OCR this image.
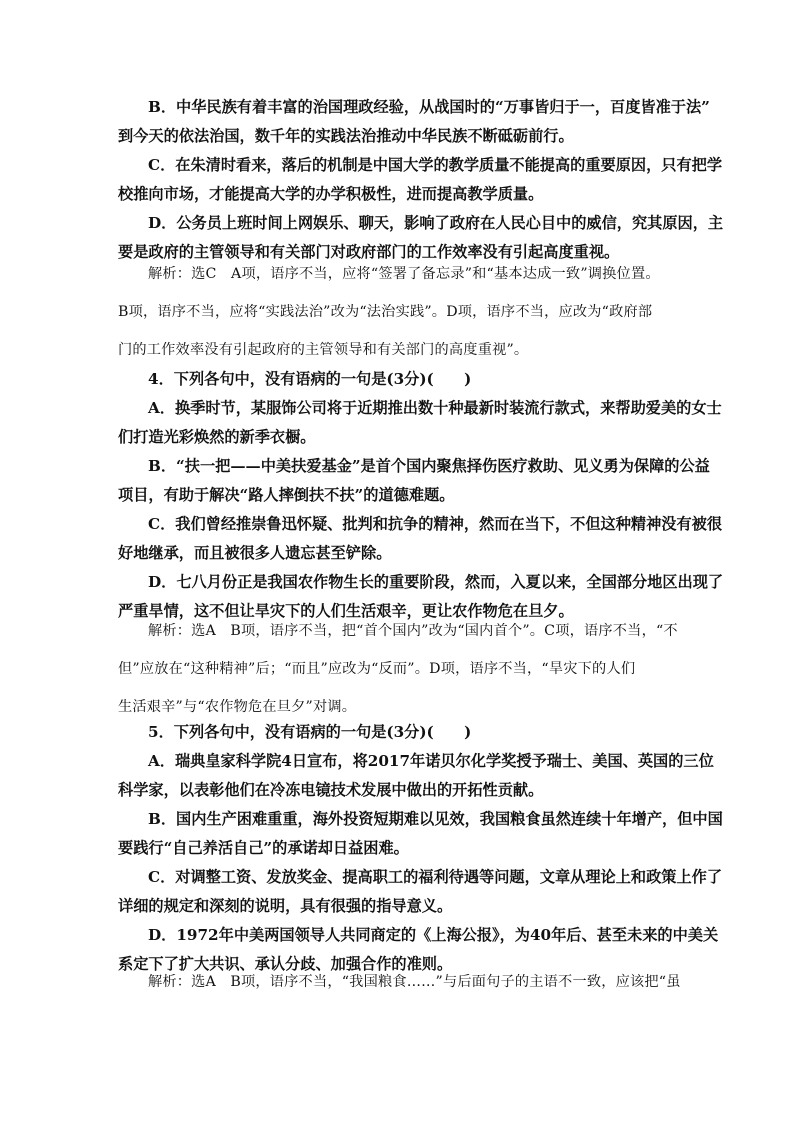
B．中华民族有着丰富的治国理政经验，从战国时的“万事皆归于一，百度皆准于法”
到今天的依法治国，数千年的实践法治推动中华民族不断砥砺前行。
C．在朱清时看来，落后的机制是中国大学的教学质量不能提高的重要原因，只有把学
校推向市场，才能提高大学的办学积极性，进而提高教学质量。
D．公务员上班时间上网娱乐、聊天，影响了政府在人民心目中的威信，究其原因，主
要是政府的主管领导和有关部门对政府部门的工作效率没有引起高度重视。
解析：选C　A项，语序不当，应将“签署了备忘录”和“基本达成一致”调换位置。
B项，语序不当，应将“实践法治”改为“法治实践”。D项，语序不当，应改为“政府部
门的工作效率没有引起政府的主管领导和有关部门的高度重视”。
4．下列各句中，没有语病的一句是(3分)(　　)
A．换季时节，某服饰公司将于近期推出数十种最新时装流行款式，来帮助爱美的女士
们打造光彩焕然的新季衣橱。
B．“扶一把——中美扶爱基金”是首个国内聚焦择伤医疗救助、见义勇为保障的公益
项目，有助于解决“路人摔倒扶不扶”的道德难题。
C．我们曾经推崇鲁迅怀疑、批判和抗争的精神，然而在当下，不但这种精神没有被很
好地继承，而且被很多人遗忘甚至铲除。
D．七八月份正是我国农作物生长的重要阶段，然而，入夏以来，全国部分地区出现了
严重旱情，这不但让旱灾下的人们生活艰辛，更让农作物危在旦夕。
解析：选A　B项，语序不当，把“首个国内”改为“国内首个”。C项，语序不当，“不
但”应放在“这种精神”后；“而且”应改为“反而”。D项，语序不当，“旱灾下的人们
生活艰辛”与“农作物危在旦夕”对调。
5．下列各句中，没有语病的一句是(3分)(　　)
A．瑞典皇家科学院4日宣布，将2017年诺贝尔化学奖授予瑞士、美国、英国的三位
科学家，以表彰他们在冷冻电镜技术发展中做出的开拓性贡献。
B．国内生产困难重重，海外投资短期难以见效，我国粮食虽然连续十年增产，但中国
要践行“自己养活自己”的承诺却日益困难。
C．对调整工资、发放奖金、提高职工的福利待遇等问题，文章从理论上和政策上作了
详细的规定和深刻的说明，具有很强的指导意义。
D．1972年中美两国领导人共同商定的《上海公报》，为40年后、甚至未来的中美关
系定下了扩大共识、承认分歧、加强合作的准则。
解析：选A　B项，语序不当，“我国粮食……”与后面句子的主语不一致，应该把“虽
